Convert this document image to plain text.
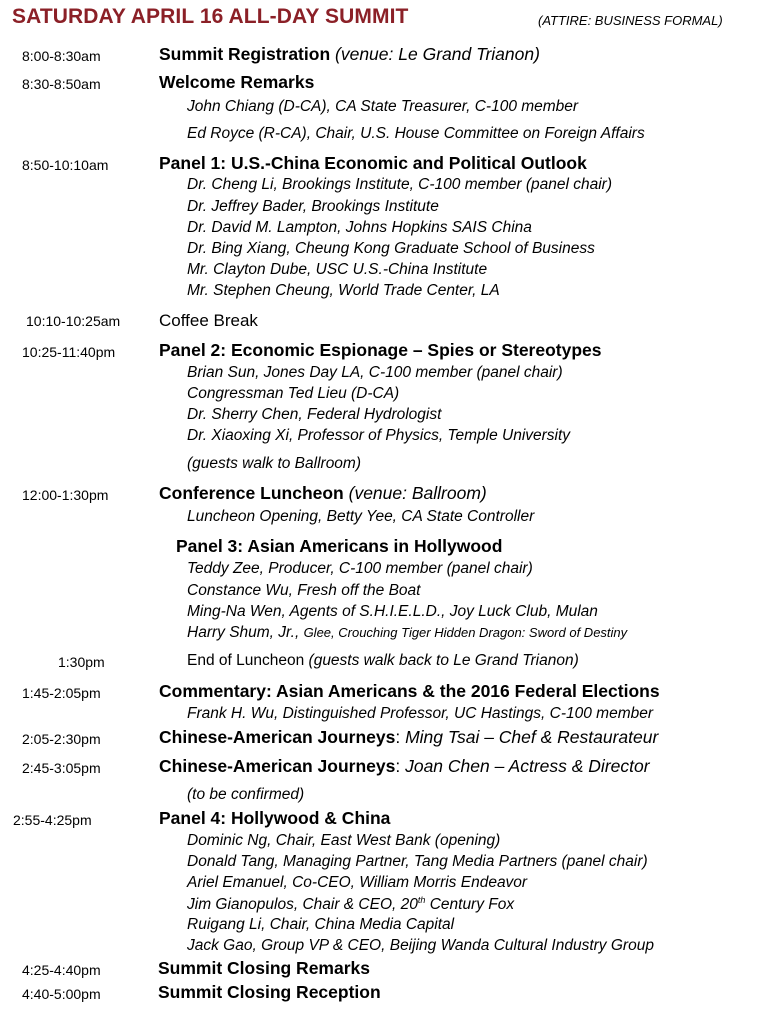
SATURDAY APRIL 16 ALL-DAY SUMMIT	(ATTIRE: BUSINESS FORMAL)
8:00-8:30am	Summit Registration (venue: Le Grand Trianon)
8:30-8:50am	Welcome Remarks
John Chiang (D-CA), CA State Treasurer, C-100 member
Ed Royce (R-CA), Chair, U.S. House Committee on Foreign Affairs
8:50-10:10am	Panel 1: U.S.-China Economic and Political Outlook
Dr. Cheng Li, Brookings Institute, C-100 member (panel chair)
Dr. Jeffrey Bader, Brookings Institute
Dr. David M. Lampton, Johns Hopkins SAIS China
Dr. Bing Xiang, Cheung Kong Graduate School of Business
Mr. Clayton Dube, USC U.S.-China Institute
Mr. Stephen Cheung, World Trade Center, LA
10:10-10:25am Coffee Break
10:25-11:40pm	Panel 2: Economic Espionage – Spies or Stereotypes
Brian Sun, Jones Day LA, C-100 member (panel chair)
Congressman Ted Lieu (D-CA)
Dr. Sherry Chen, Federal Hydrologist
Dr. Xiaoxing Xi, Professor of Physics, Temple University
(guests walk to Ballroom)
12:00-1:30pm	Conference Luncheon (venue: Ballroom)
Luncheon Opening, Betty Yee, CA State Controller
Panel 3: Asian Americans in Hollywood
Teddy Zee, Producer, C-100 member (panel chair)
Constance Wu, Fresh off the Boat
Ming-Na Wen, Agents of S.H.I.E.L.D., Joy Luck Club, Mulan
Harry Shum, Jr., Glee, Crouching Tiger Hidden Dragon: Sword of Destiny
1:30pm	End of Luncheon (guests walk back to Le Grand Trianon)
1:45-2:05pm	Commentary: Asian Americans & the 2016 Federal Elections
Frank H. Wu, Distinguished Professor, UC Hastings, C-100 member
2:05-2:30pm	Chinese-American Journeys: Ming Tsai – Chef & Restaurateur
2:45-3:05pm	Chinese-American Journeys: Joan Chen – Actress & Director
(to be confirmed)
2:55-4:25pm	Panel 4: Hollywood & China
Dominic Ng, Chair, East West Bank (opening)
Donald Tang, Managing Partner, Tang Media Partners (panel chair)
Ariel Emanuel, Co-CEO, William Morris Endeavor
Jim Gianopulos, Chair & CEO, 20th Century Fox
Ruigang Li, Chair, China Media Capital
Jack Gao, Group VP & CEO, Beijing Wanda Cultural Industry Group
4:25-4:40pm	Summit Closing Remarks
4:40-5:00pm	Summit Closing Reception
